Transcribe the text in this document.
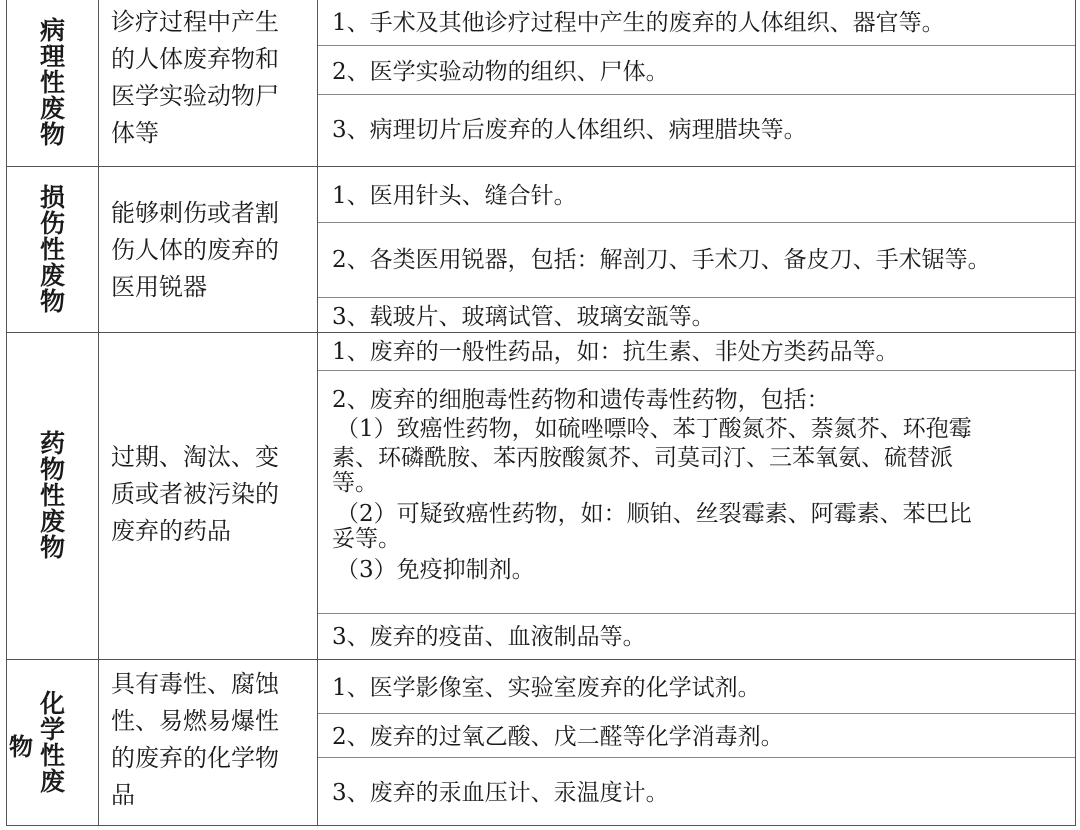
病
理
性
废
物
诊疗过程中产生
的人体废弃物和
医学实验动物尸
体等
1、手术及其他诊疗过程中产生的废弃的人体组织、器官等。
2、医学实验动物的组织、尸体。
3、病理切片后废弃的人体组织、病理腊块等。
损
伤
性
废
物
能够刺伤或者割
伤人体的废弃的
医用锐器
1、医用针头、缝合针。
2、各类医用锐器，包括：解剖刀、手术刀、备皮刀、手术锯等。
3、载玻片、玻璃试管、玻璃安瓿等。
药
物
性
废
物
过期、淘汰、变
质或者被污染的
废弃的药品
1、废弃的一般性药品，如：抗生素、非处方类药品等。
2、废弃的细胞毒性药物和遗传毒性药物，包括：
（1）致癌性药物，如硫唑嘌呤、苯丁酸氮芥、萘氮芥、环孢霉
素、环磷酰胺、苯丙胺酸氮芥、司莫司汀、三苯氧氨、硫替派
等。
（2）可疑致癌性药物，如：顺铂、丝裂霉素、阿霉素、苯巴比
妥等。
（3）免疫抑制剂。
3、废弃的疫苗、血液制品等。
化
学
性
废
物
具有毒性、腐蚀
性、易燃易爆性
的废弃的化学物
品
1、医学影像室、实验室废弃的化学试剂。
2、废弃的过氧乙酸、戊二醛等化学消毒剂。
3、废弃的汞血压计、汞温度计。
